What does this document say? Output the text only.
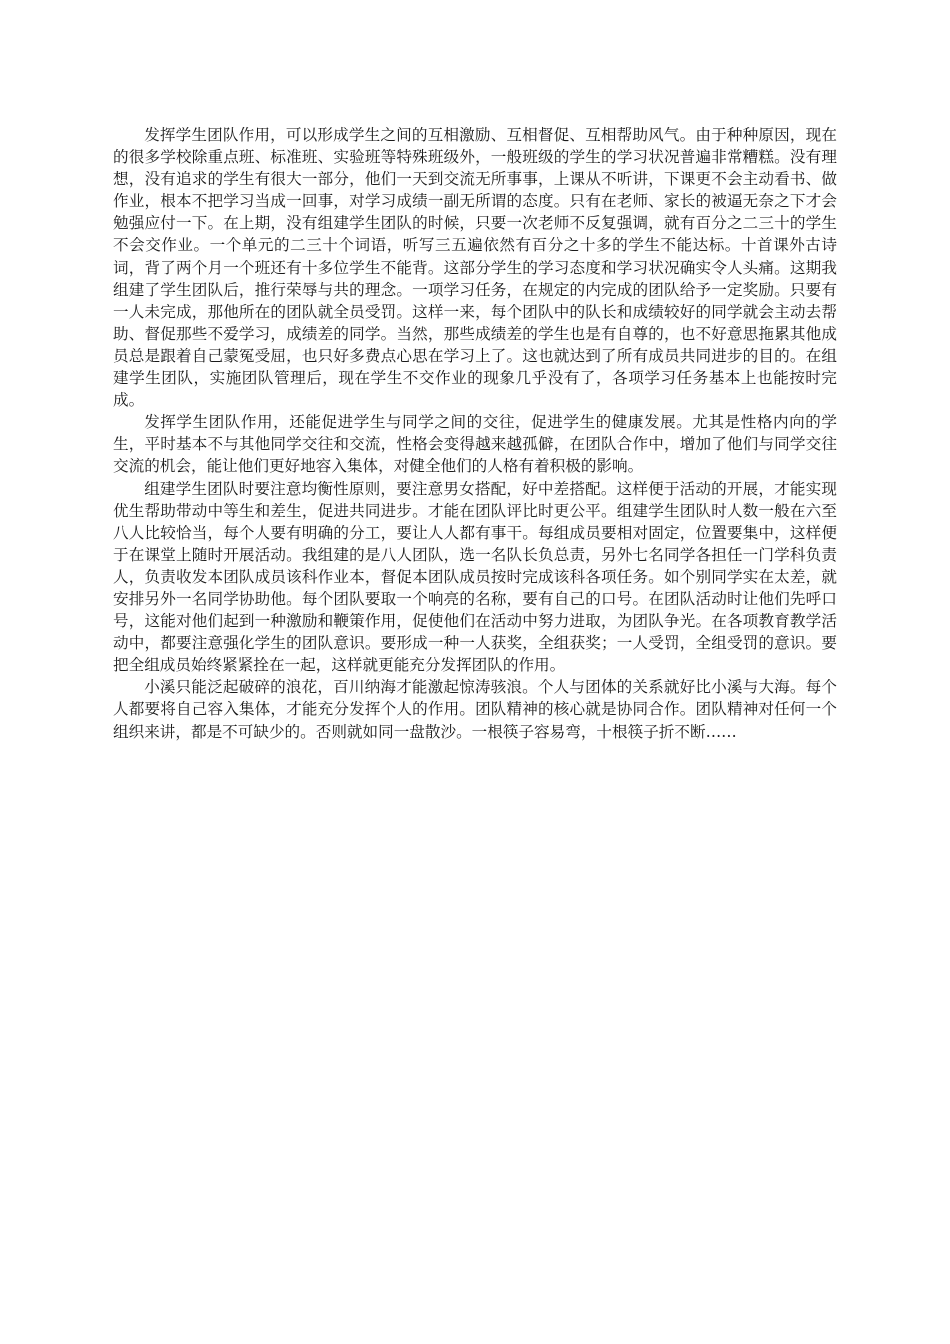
发挥学生团队作用，可以形成学生之间的互相激励、互相督促、互相帮助风气。由于种种原因，现在的很多学校除重点班、标准班、实验班等特殊班级外，一般班级的学生的学习状况普遍非常糟糕。没有理想，没有追求的学生有很大一部分，他们一天到交流无所事事，上课从不听讲，下课更不会主动看书、做作业，根本不把学习当成一回事，对学习成绩一副无所谓的态度。只有在老师、家长的被逼无奈之下才会勉强应付一下。在上期，没有组建学生团队的时候，只要一次老师不反复强调，就有百分之二三十的学生不会交作业。一个单元的二三十个词语，听写三五遍依然有百分之十多的学生不能达标。十首课外古诗词，背了两个月一个班还有十多位学生不能背。这部分学生的学习态度和学习状况确实令人头痛。这期我组建了学生团队后，推行荣辱与共的理念。一项学习任务，在规定的内完成的团队给予一定奖励。只要有一人未完成，那他所在的团队就全员受罚。这样一来，每个团队中的队长和成绩较好的同学就会主动去帮助、督促那些不爱学习，成绩差的同学。当然，那些成绩差的学生也是有自尊的，也不好意思拖累其他成员总是跟着自己蒙冤受屈，也只好多费点心思在学习上了。这也就达到了所有成员共同进步的目的。在组建学生团队，实施团队管理后，现在学生不交作业的现象几乎没有了，各项学习任务基本上也能按时完成。

发挥学生团队作用，还能促进学生与同学之间的交往，促进学生的健康发展。尤其是性格内向的学生，平时基本不与其他同学交往和交流，性格会变得越来越孤僻，在团队合作中，增加了他们与同学交往交流的机会，能让他们更好地容入集体，对健全他们的人格有着积极的影响。

组建学生团队时要注意均衡性原则，要注意男女搭配，好中差搭配。这样便于活动的开展，才能实现优生帮助带动中等生和差生，促进共同进步。才能在团队评比时更公平。组建学生团队时人数一般在六至八人比较恰当，每个人要有明确的分工，要让人人都有事干。每组成员要相对固定，位置要集中，这样便于在课堂上随时开展活动。我组建的是八人团队，选一名队长负总责，另外七名同学各担任一门学科负责人，负责收发本团队成员该科作业本，督促本团队成员按时完成该科各项任务。如个别同学实在太差，就安排另外一名同学协助他。每个团队要取一个响亮的名称，要有自己的口号。在团队活动时让他们先呼口号，这能对他们起到一种激励和鞭策作用，促使他们在活动中努力进取，为团队争光。在各项教育教学活动中，都要注意强化学生的团队意识。要形成一种一人获奖，全组获奖；一人受罚，全组受罚的意识。要把全组成员始终紧紧拴在一起，这样就更能充分发挥团队的作用。

小溪只能泛起破碎的浪花，百川纳海才能激起惊涛骇浪。个人与团体的关系就好比小溪与大海。每个人都要将自己容入集体，才能充分发挥个人的作用。团队精神的核心就是协同合作。团队精神对任何一个组织来讲，都是不可缺少的。否则就如同一盘散沙。一根筷子容易弯，十根筷子折不断……
